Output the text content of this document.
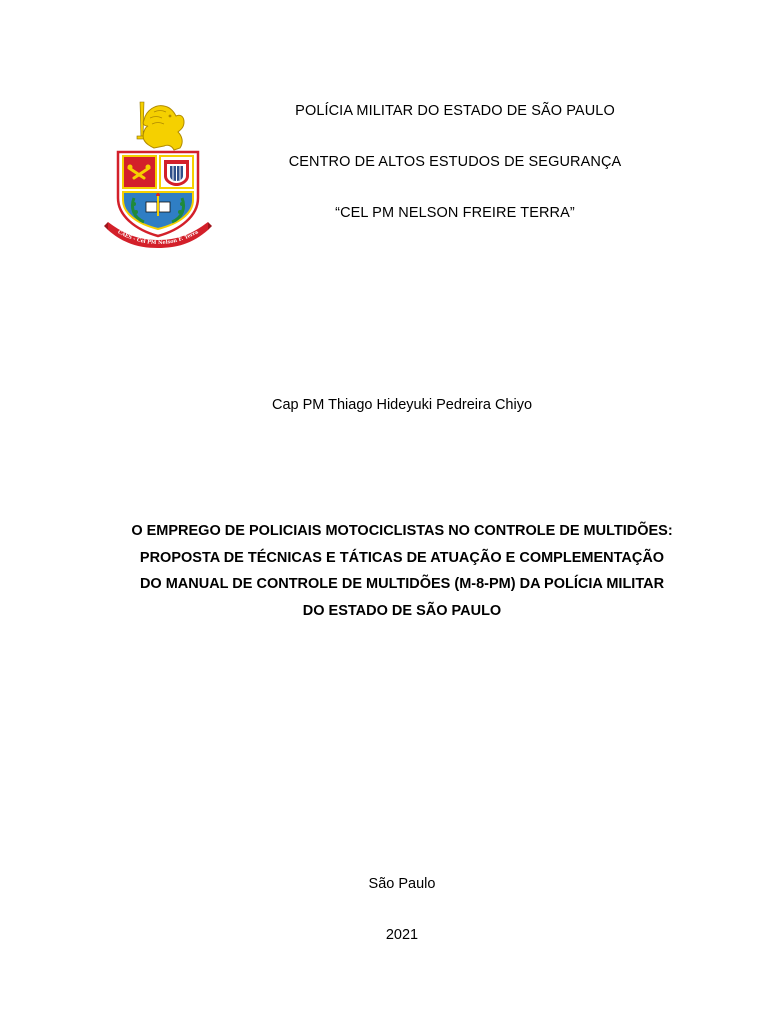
CAES - Cel PM Nelson F. Terra
POLÍCIA MILITAR DO ESTADO DE SÃO PAULO
CENTRO DE ALTOS ESTUDOS DE SEGURANÇA
“CEL PM NELSON FREIRE TERRA”
Cap PM Thiago Hideyuki Pedreira Chiyo
O EMPREGO DE POLICIAIS MOTOCICLISTAS NO CONTROLE DE MULTIDÕES:
PROPOSTA DE TÉCNICAS E TÁTICAS DE ATUAÇÃO E COMPLEMENTAÇÃO
DO MANUAL DE CONTROLE DE MULTIDÕES (M-8-PM) DA POLÍCIA MILITAR
DO ESTADO DE SÃO PAULO
São Paulo
2021
